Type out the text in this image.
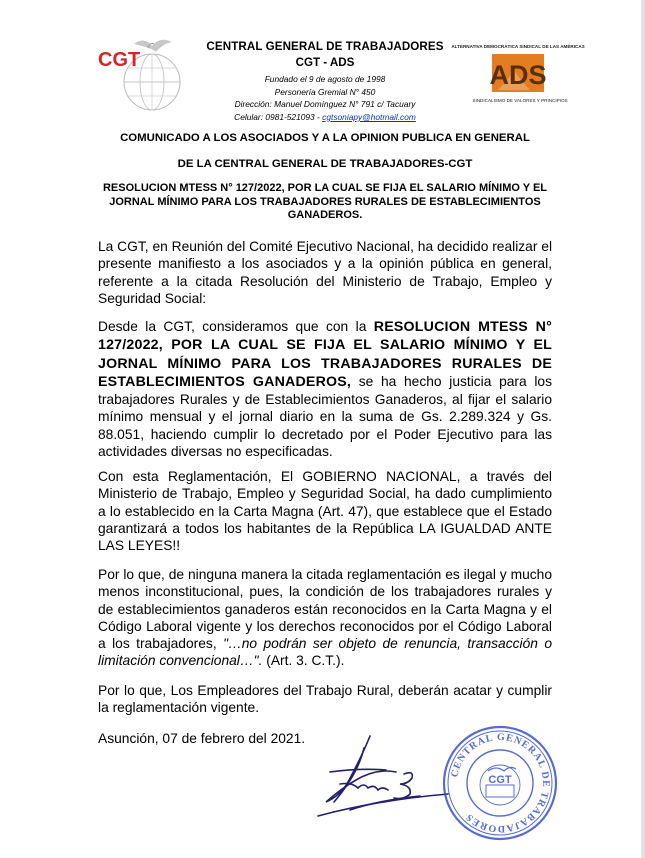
CGT
CENTRAL GENERAL DE TRABAJADORES
CGT - ADS
Fundado el 9 de agosto de 1998
Personería Gremial N° 450
Dirección: Manuel Domínguez N° 791 c/ Tacuary
Celular: 0981-521093 - cgtsoniapy@hotmail.com
ALTERNATIVA DEMOCRÁTICA SINDICAL DE LAS AMÉRICAS
ADS
SINDICALISMO DE VALORES Y PRINCIPIOS
COMUNICADO A LOS ASOCIADOS Y A LA OPINION PUBLICA EN GENERAL
DE LA CENTRAL GENERAL DE TRABAJADORES-CGT
RESOLUCION MTESS N° 127/2022, POR LA CUAL SE FIJA EL SALARIO MÍNIMO Y EL JORNAL MÍNIMO PARA LOS TRABAJADORES RURALES DE ESTABLECIMIENTOS GANADEROS.
La CGT, en Reunión del Comité Ejecutivo Nacional, ha decidido realizar el presente manifiesto a los asociados y a la opinión pública en general, referente a la citada Resolución del Ministerio de Trabajo, Empleo y Seguridad Social:
Desde la CGT, consideramos que con la RESOLUCION MTESS N° 127/2022, POR LA CUAL SE FIJA EL SALARIO MÍNIMO Y EL JORNAL MÍNIMO PARA LOS TRABAJADORES RURALES DE ESTABLECIMIENTOS GANADEROS, se ha hecho justicia para los trabajadores Rurales y de Establecimientos Ganaderos, al fijar el salario mínimo mensual y el jornal diario en la suma de Gs. 2.289.324 y Gs. 88.051, haciendo cumplir lo decretado por el Poder Ejecutivo para las actividades diversas no especificadas.
Con esta Reglamentación, El GOBIERNO NACIONAL, a través del Ministerio de Trabajo, Empleo y Seguridad Social, ha dado cumplimiento a lo establecido en la Carta Magna (Art. 47), que establece que el Estado garantizará a todos los habitantes de la República LA IGUALDAD ANTE LAS LEYES!!
Por lo que, de ninguna manera la citada reglamentación es ilegal y mucho menos inconstitucional, pues, la condición de los trabajadores rurales y de establecimientos ganaderos están reconocidos en la Carta Magna y el Código Laboral vigente y los derechos reconocidos por el Código Laboral a los trabajadores, "…no podrán ser objeto de renuncia, transacción o limitación convencional…". (Art. 3. C.T.).
Por lo que, Los Empleadores del Trabajo Rural, deberán acatar y cumplir la reglamentación vigente.
Asunción, 07 de febrero del 2021.
CENTRAL GENERAL DE TRABAJADORES
CGT
